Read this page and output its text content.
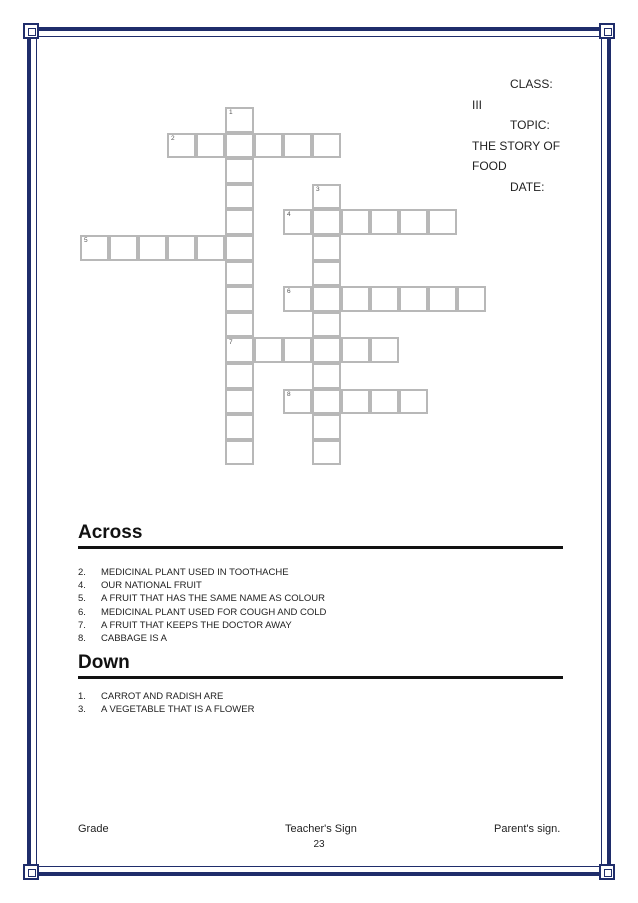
CLASS:
III
TOPIC:
THE STORY OF
FOOD
DATE:
1
7
2
3
4
5
6
8
Across
2.	MEDICINAL PLANT USED IN TOOTHACHE
4.	OUR NATIONAL FRUIT
5.	A FRUIT THAT HAS THE SAME NAME AS COLOUR
6.	MEDICINAL PLANT USED FOR COUGH AND COLD
7.	A FRUIT THAT KEEPS THE DOCTOR AWAY
8.	CABBAGE IS A
Down
1.	CARROT AND RADISH ARE
3.	A VEGETABLE THAT IS A FLOWER
Grade	Teacher's Sign	Parent's sign.
23
